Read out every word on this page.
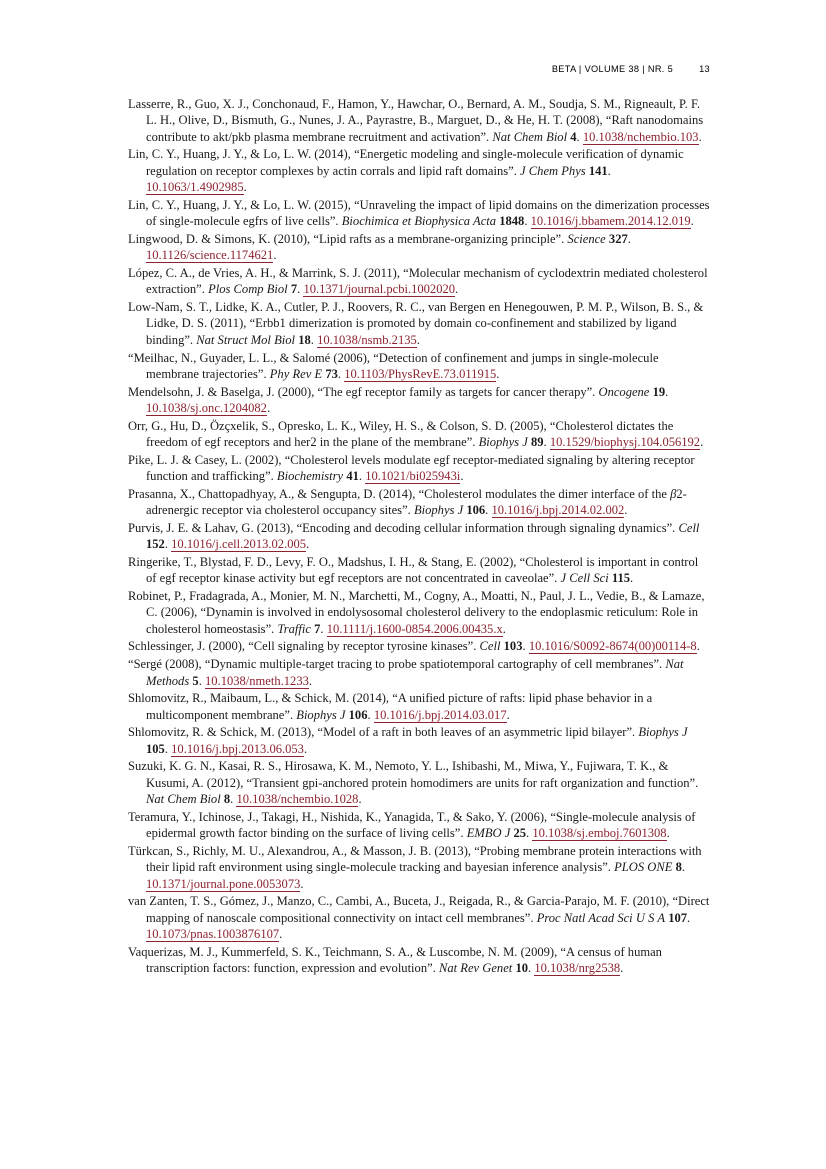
BETA | VOLUME 38 | NR. 5	13

Lasserre, R., Guo, X. J., Conchonaud, F., Hamon, Y., Hawchar, O., Bernard, A. M., Soudja, S. M., Rigneault, P. F. L. H., Olive, D., Bismuth, G., Nunes, J. A., Payrastre, B., Marguet, D., & He, H. T. (2008), “Raft nanodomains contribute to akt/pkb plasma membrane recruitment and activation”. Nat Chem Biol 4. 10.1038/nchembio.103.

Lin, C. Y., Huang, J. Y., & Lo, L. W. (2014), “Energetic modeling and single-molecule verification of dynamic regulation on receptor complexes by actin corrals and lipid raft domains”. J Chem Phys 141. 10.1063/1.4902985.

Lin, C. Y., Huang, J. Y., & Lo, L. W. (2015), “Unraveling the impact of lipid domains on the dimerization processes of single-molecule egfrs of live cells”. Biochimica et Biophysica Acta 1848. 10.1016/j.bbamem.2014.12.019.

Lingwood, D. & Simons, K. (2010), “Lipid rafts as a membrane-organizing principle”. Science 327. 10.1126/science.1174621.

López, C. A., de Vries, A. H., & Marrink, S. J. (2011), “Molecular mechanism of cyclodextrin mediated cholesterol extraction”. Plos Comp Biol 7. 10.1371/journal.pcbi.1002020.

Low-Nam, S. T., Lidke, K. A., Cutler, P. J., Roovers, R. C., van Bergen en Henegouwen, P. M. P., Wilson, B. S., & Lidke, D. S. (2011), “Erbb1 dimerization is promoted by domain co-confinement and stabilized by ligand binding”. Nat Struct Mol Biol 18. 10.1038/nsmb.2135.

“Meilhac, N., Guyader, L. L., & Salomé (2006), “Detection of confinement and jumps in single-molecule membrane trajectories”. Phy Rev E 73. 10.1103/PhysRevE.73.011915.

Mendelsohn, J. & Baselga, J. (2000), “The egf receptor family as targets for cancer therapy”. Oncogene 19. 10.1038/sj.onc.1204082.

Orr, G., Hu, D., Özçxelik, S., Opresko, L. K., Wiley, H. S., & Colson, S. D. (2005), “Cholesterol dictates the freedom of egf receptors and her2 in the plane of the membrane”. Biophys J 89. 10.1529/biophysj.104.056192.

Pike, L. J. & Casey, L. (2002), “Cholesterol levels modulate egf receptor-mediated signaling by altering receptor function and trafficking”. Biochemistry 41. 10.1021/bi025943i.

Prasanna, X., Chattopadhyay, A., & Sengupta, D. (2014), “Cholesterol modulates the dimer interface of the β2-adrenergic receptor via cholesterol occupancy sites”. Biophys J 106. 10.1016/j.bpj.2014.02.002.

Purvis, J. E. & Lahav, G. (2013), “Encoding and decoding cellular information through signaling dynamics”. Cell 152. 10.1016/j.cell.2013.02.005.

Ringerike, T., Blystad, F. D., Levy, F. O., Madshus, I. H., & Stang, E. (2002), “Cholesterol is important in control of egf receptor kinase activity but egf receptors are not concentrated in caveolae”. J Cell Sci 115.

Robinet, P., Fradagrada, A., Monier, M. N., Marchetti, M., Cogny, A., Moatti, N., Paul, J. L., Vedie, B., & Lamaze, C. (2006), “Dynamin is involved in endolysosomal cholesterol delivery to the endoplasmic reticulum: Role in cholesterol homeostasis”. Traffic 7. 10.1111/j.1600-0854.2006.00435.x.

Schlessinger, J. (2000), “Cell signaling by receptor tyrosine kinases”. Cell 103. 10.1016/S0092-8674(00)00114-8.

“Sergé (2008), “Dynamic multiple-target tracing to probe spatiotemporal cartography of cell membranes”. Nat Methods 5. 10.1038/nmeth.1233.

Shlomovitz, R., Maibaum, L., & Schick, M. (2014), “A unified picture of rafts: lipid phase behavior in a multicomponent membrane”. Biophys J 106. 10.1016/j.bpj.2014.03.017.

Shlomovitz, R. & Schick, M. (2013), “Model of a raft in both leaves of an asymmetric lipid bilayer”. Biophys J 105. 10.1016/j.bpj.2013.06.053.

Suzuki, K. G. N., Kasai, R. S., Hirosawa, K. M., Nemoto, Y. L., Ishibashi, M., Miwa, Y., Fujiwara, T. K., & Kusumi, A. (2012), “Transient gpi-anchored protein homodimers are units for raft organization and function”. Nat Chem Biol 8. 10.1038/nchembio.1028.

Teramura, Y., Ichinose, J., Takagi, H., Nishida, K., Yanagida, T., & Sako, Y. (2006), “Single-molecule analysis of epidermal growth factor binding on the surface of living cells”. EMBO J 25. 10.1038/sj.emboj.7601308.

Türkcan, S., Richly, M. U., Alexandrou, A., & Masson, J. B. (2013), “Probing membrane protein interactions with their lipid raft environment using single-molecule tracking and bayesian inference analysis”. PLOS ONE 8. 10.1371/journal.pone.0053073.

van Zanten, T. S., Gómez, J., Manzo, C., Cambi, A., Buceta, J., Reigada, R., & Garcia-Parajo, M. F. (2010), “Direct mapping of nanoscale compositional connectivity on intact cell membranes”. Proc Natl Acad Sci U S A 107. 10.1073/pnas.1003876107.

Vaquerizas, M. J., Kummerfeld, S. K., Teichmann, S. A., & Luscombe, N. M. (2009), “A census of human transcription factors: function, expression and evolution”. Nat Rev Genet 10. 10.1038/nrg2538.
